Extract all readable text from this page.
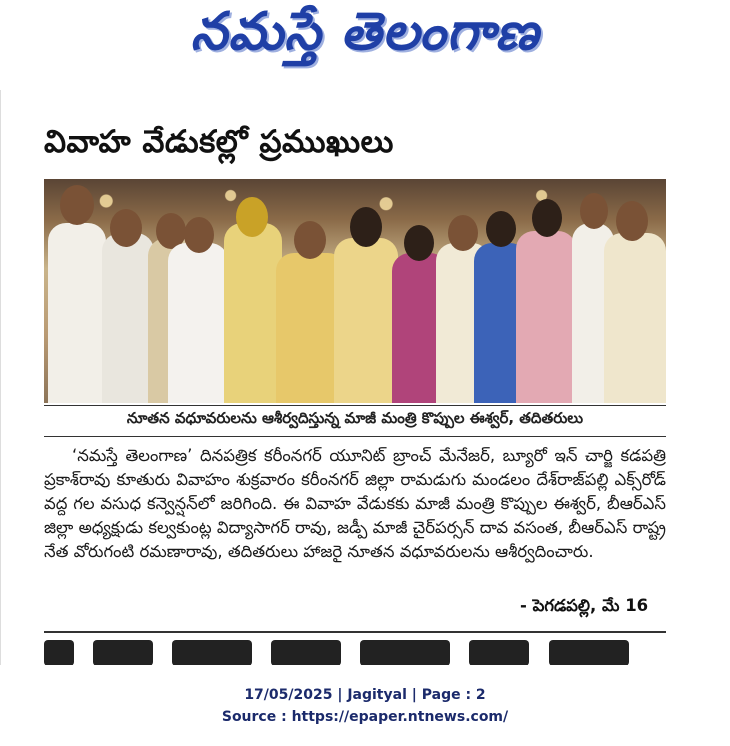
నమస్తే తెలంగాణ
వివాహ వేడుకల్లో ప్రముఖులు
నూతన వధూవరులను ఆశీర్వదిస్తున్న మాజీ మంత్రి కొప్పుల ఈశ్వర్, తదితరులు

‘నమస్తే తెలంగాణ’ దినపత్రిక కరీంనగర్ యూనిట్ బ్రాంచ్ మేనేజర్, బ్యూరో ఇన్ చార్జి కడపత్రి ప్రకాశ్‌రావు కూతురు వివాహం శుక్రవారం కరీంనగర్ జిల్లా రామడుగు మండలం దేశ్‌రాజ్‌పల్లి ఎక్స్‌రోడ్ వద్ద గల వసుధ కన్వెన్షన్‌లో జరిగింది. ఈ వివాహ వేడుకకు మాజీ మంత్రి కొప్పుల ఈశ్వర్, బీఆర్ఎస్ జిల్లా అధ్యక్షుడు కల్వకుంట్ల విద్యాసాగర్ రావు, జడ్పీ మాజీ చైర్‌పర్సన్ దావ వసంత, బీఆర్ఎస్ రాష్ట్ర నేత వోరుగంటి రమణారావు, తదితరులు హాజరై నూతన వధూవరులను ఆశీర్వదించారు.

- పెగడపల్లి, మే 16

17/05/2025 | Jagityal | Page : 2
Source : https://epaper.ntnews.com/
